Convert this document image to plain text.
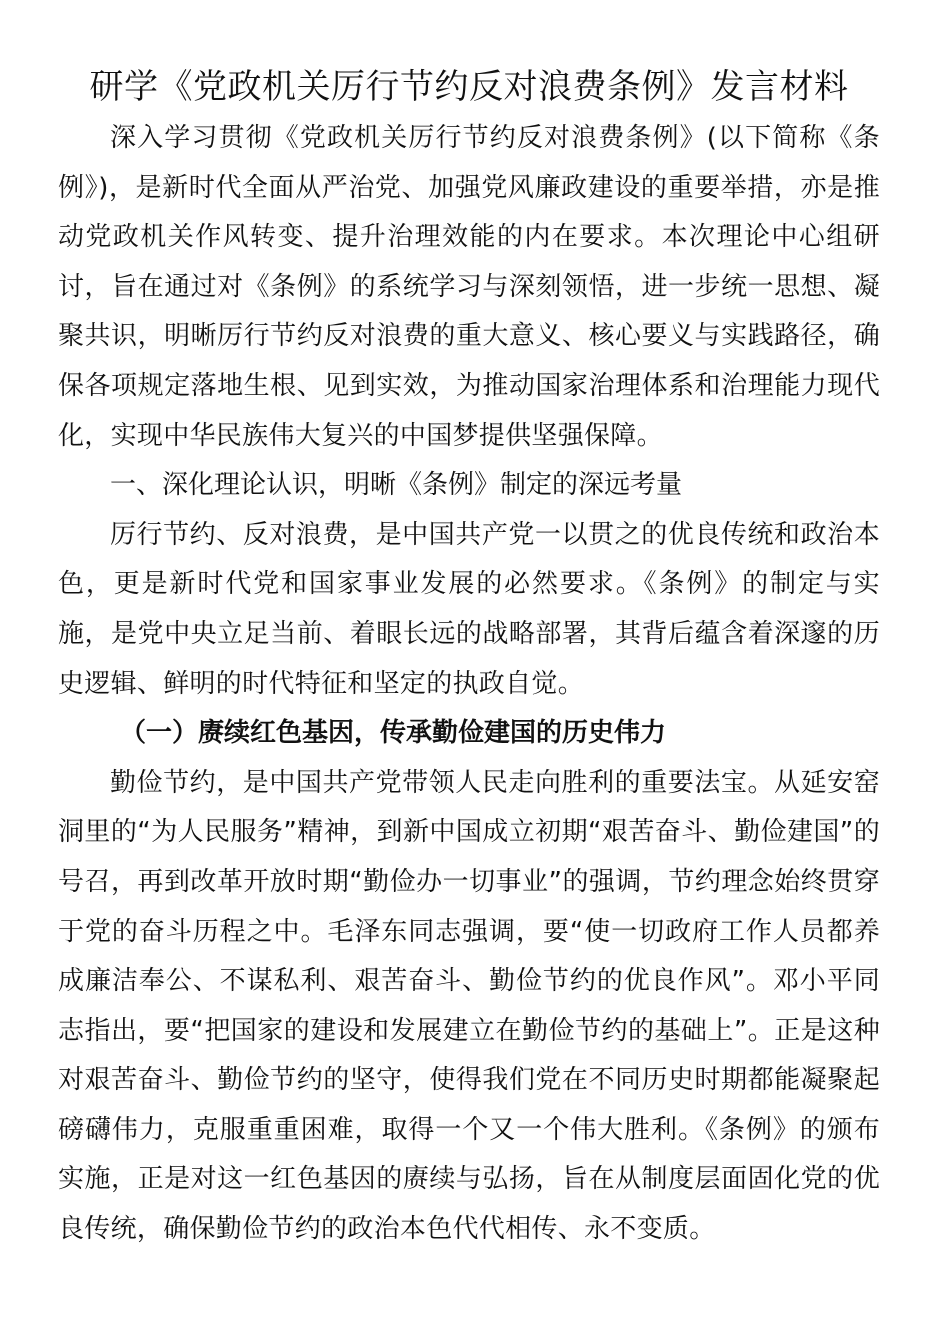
研学《党政机关厉行节约反对浪费条例》发言材料

深入学习贯彻《党政机关厉行节约反对浪费条例》(以下简称《条例》)，是新时代全面从严治党、加强党风廉政建设的重要举措，亦是推动党政机关作风转变、提升治理效能的内在要求。本次理论中心组研讨，旨在通过对《条例》的系统学习与深刻领悟，进一步统一思想、凝聚共识，明晰厉行节约反对浪费的重大意义、核心要义与实践路径，确保各项规定落地生根、见到实效，为推动国家治理体系和治理能力现代化，实现中华民族伟大复兴的中国梦提供坚强保障。

一、深化理论认识，明晰《条例》制定的深远考量

厉行节约、反对浪费，是中国共产党一以贯之的优良传统和政治本色，更是新时代党和国家事业发展的必然要求。《条例》的制定与实施，是党中央立足当前、着眼长远的战略部署，其背后蕴含着深邃的历史逻辑、鲜明的时代特征和坚定的执政自觉。

（一）赓续红色基因，传承勤俭建国的历史伟力

勤俭节约，是中国共产党带领人民走向胜利的重要法宝。从延安窑洞里的“为人民服务”精神，到新中国成立初期“艰苦奋斗、勤俭建国”的号召，再到改革开放时期“勤俭办一切事业”的强调，节约理念始终贯穿于党的奋斗历程之中。毛泽东同志强调，要“使一切政府工作人员都养成廉洁奉公、不谋私利、艰苦奋斗、勤俭节约的优良作风”。邓小平同志指出，要“把国家的建设和发展建立在勤俭节约的基础上”。正是这种对艰苦奋斗、勤俭节约的坚守，使得我们党在不同历史时期都能凝聚起磅礴伟力，克服重重困难，取得一个又一个伟大胜利。《条例》的颁布实施，正是对这一红色基因的赓续与弘扬，旨在从制度层面固化党的优良传统，确保勤俭节约的政治本色代代相传、永不变质。
